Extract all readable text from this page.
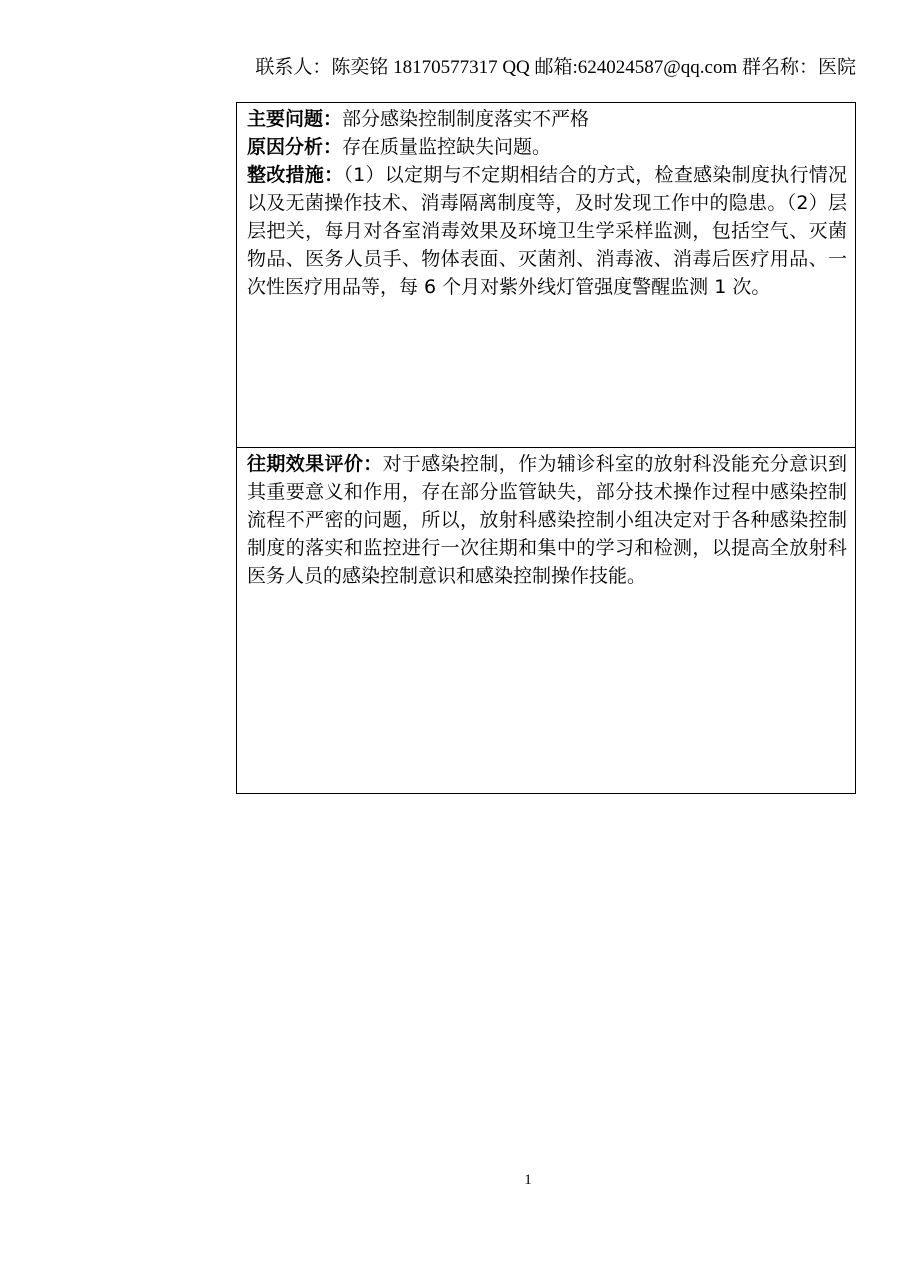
联系人：陈奕铭 18170577317 QQ 邮箱:624024587@qq.com 群名称：医院
主要问题：部分感染控制制度落实不严格
原因分析：存在质量监控缺失问题。
整改措施：（1）以定期与不定期相结合的方式，检查感染制度执行情况以及无菌操作技术、消毒隔离制度等，及时发现工作中的隐患。（2）层层把关，每月对各室消毒效果及环境卫生学采样监测，包括空气、灭菌物品、医务人员手、物体表面、灭菌剂、消毒液、消毒后医疗用品、一次性医疗用品等，每 6 个月对紫外线灯管强度警醒监测 1 次。
往期效果评价：对于感染控制，作为辅诊科室的放射科没能充分意识到其重要意义和作用，存在部分监管缺失，部分技术操作过程中感染控制流程不严密的问题，所以，放射科感染控制小组决定对于各种感染控制制度的落实和监控进行一次往期和集中的学习和检测，以提高全放射科医务人员的感染控制意识和感染控制操作技能。
1
